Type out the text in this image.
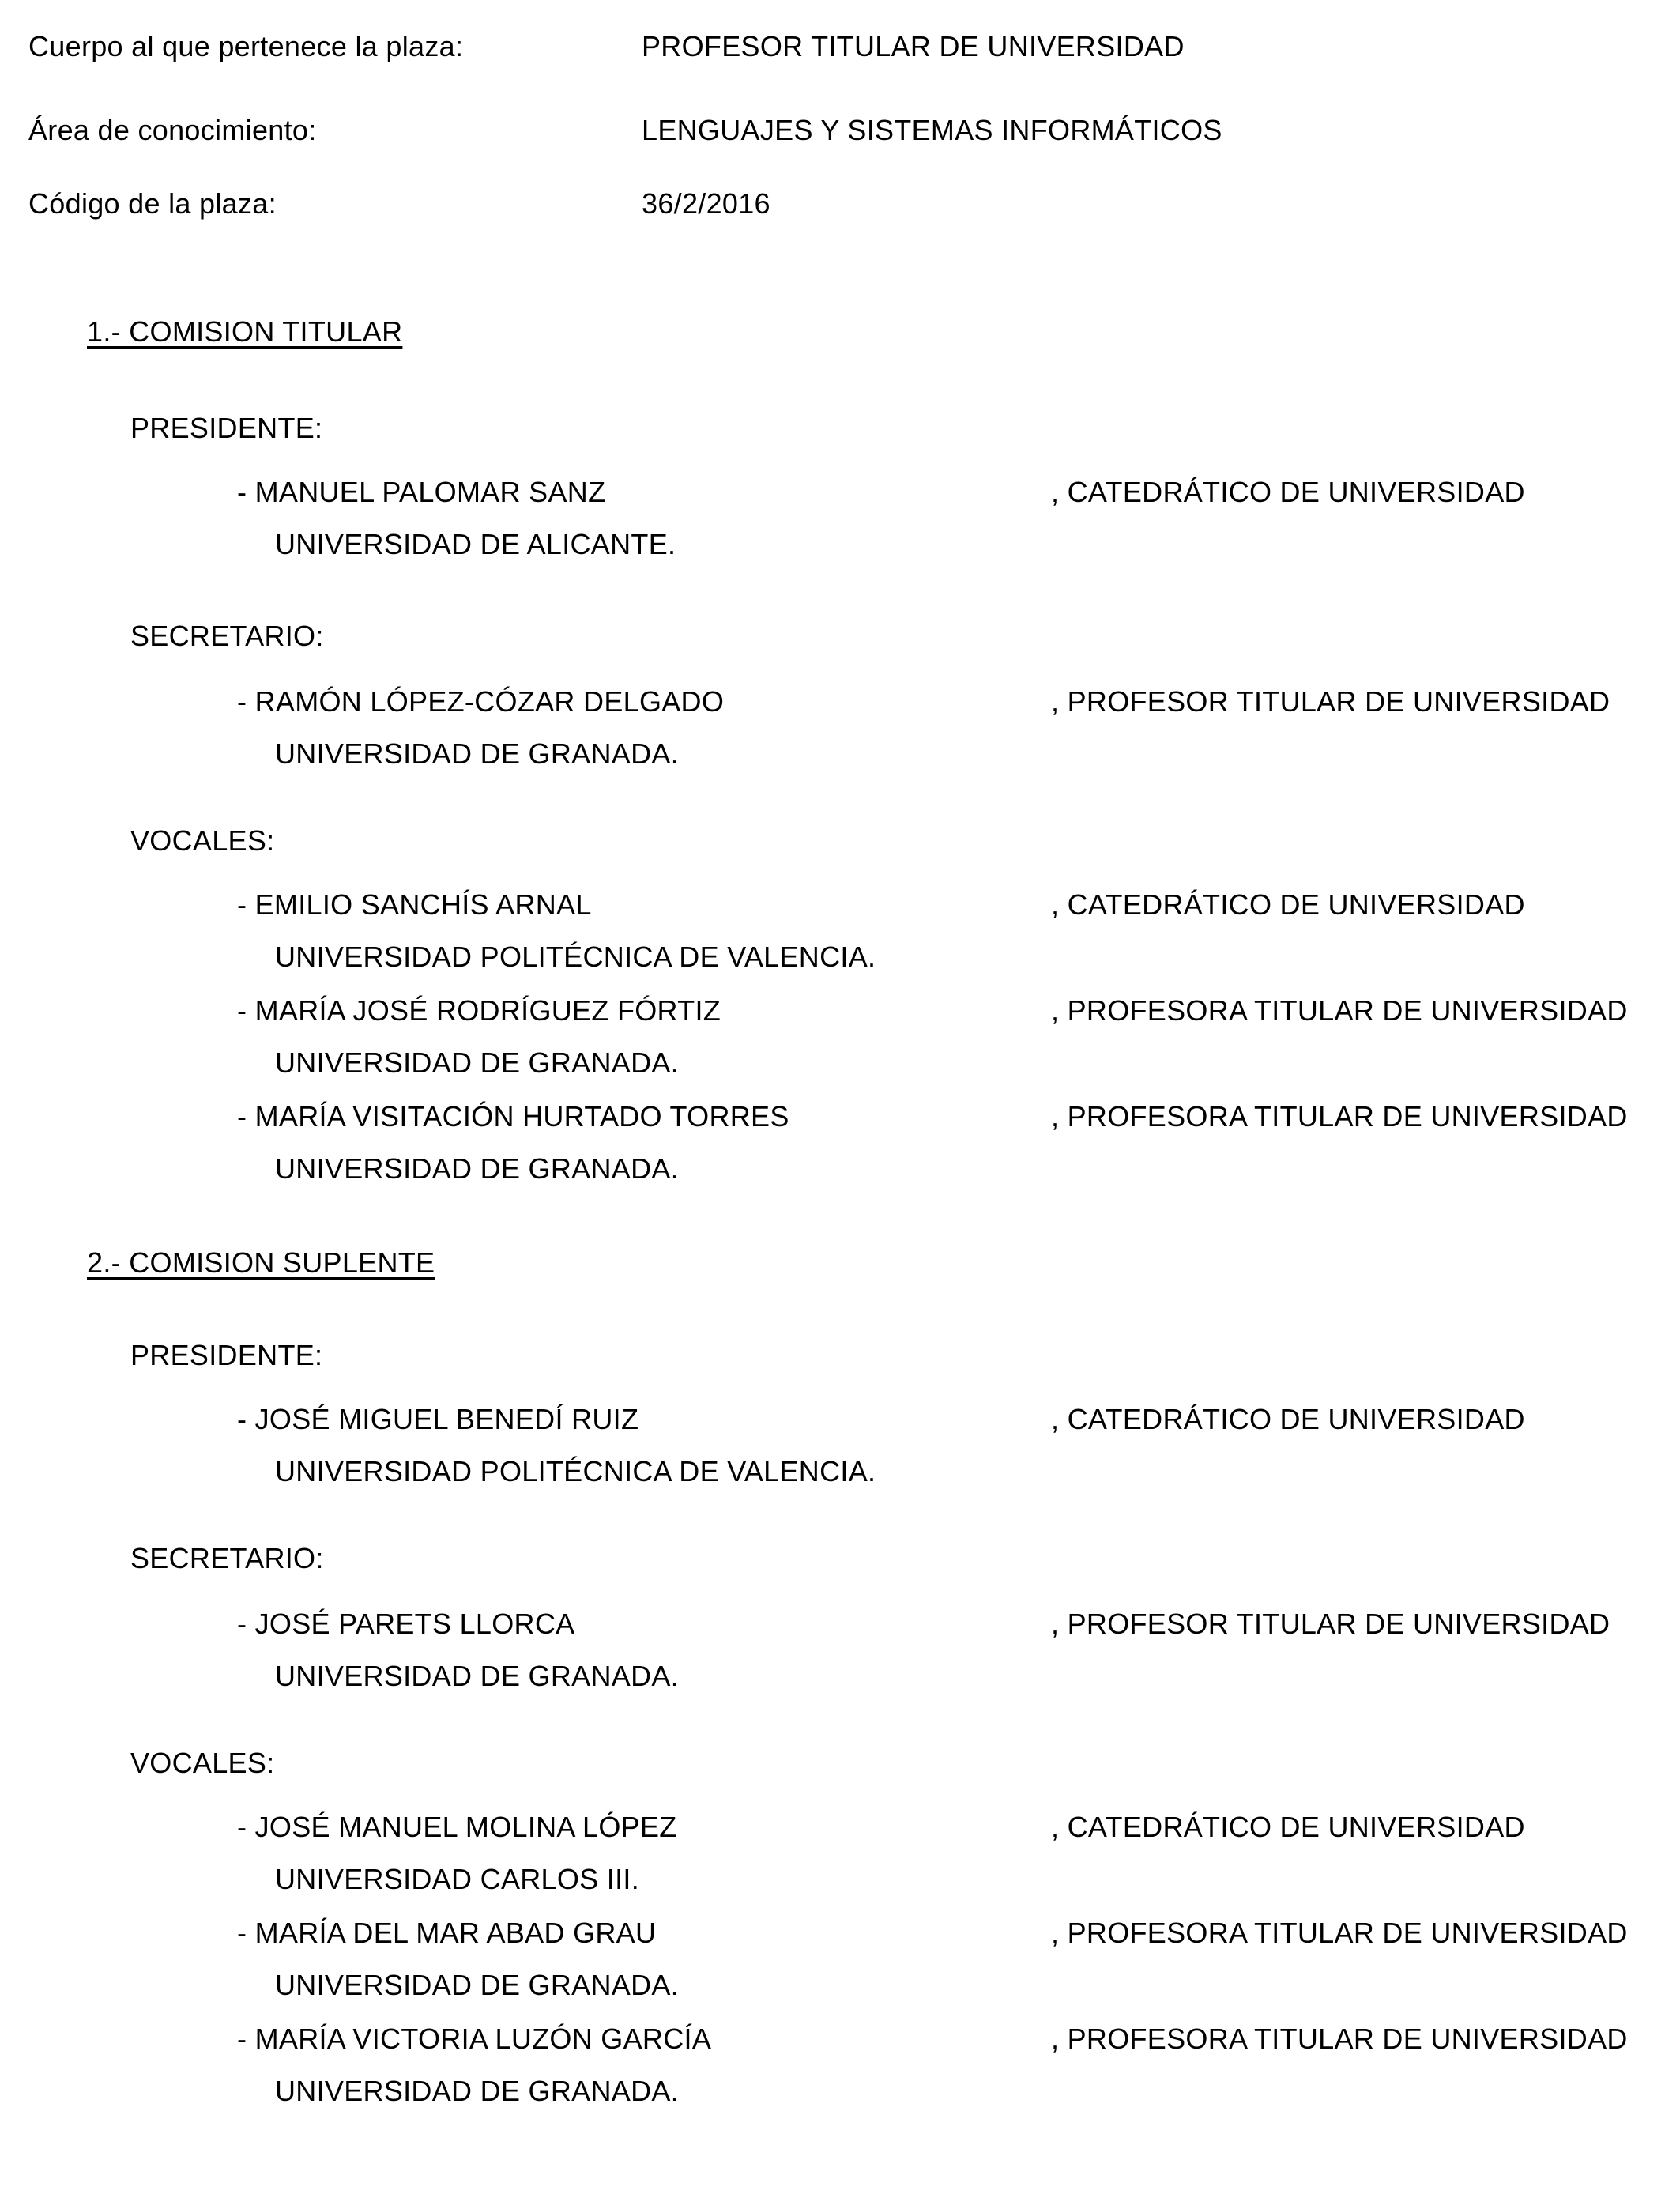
Cuerpo al que pertenece la plaza:	PROFESOR TITULAR DE UNIVERSIDAD
Área de conocimiento:	LENGUAJES Y SISTEMAS INFORMÁTICOS
Código de la plaza:	36/2/2016
1.- COMISION TITULAR
PRESIDENTE:
- MANUEL PALOMAR SANZ	, CATEDRÁTICO DE UNIVERSIDAD
UNIVERSIDAD DE ALICANTE.
SECRETARIO:
- RAMÓN LÓPEZ-CÓZAR DELGADO	, PROFESOR TITULAR DE UNIVERSIDAD
UNIVERSIDAD DE GRANADA.
VOCALES:
- EMILIO SANCHÍS ARNAL	, CATEDRÁTICO DE UNIVERSIDAD
UNIVERSIDAD POLITÉCNICA DE VALENCIA.
- MARÍA JOSÉ RODRÍGUEZ FÓRTIZ	, PROFESORA TITULAR DE UNIVERSIDAD
UNIVERSIDAD DE GRANADA.
- MARÍA VISITACIÓN HURTADO TORRES	, PROFESORA TITULAR DE UNIVERSIDAD
UNIVERSIDAD DE GRANADA.
2.- COMISION SUPLENTE
PRESIDENTE:
- JOSÉ MIGUEL BENEDÍ RUIZ	, CATEDRÁTICO DE UNIVERSIDAD
UNIVERSIDAD POLITÉCNICA DE VALENCIA.
SECRETARIO:
- JOSÉ PARETS LLORCA	, PROFESOR TITULAR DE UNIVERSIDAD
UNIVERSIDAD DE GRANADA.
VOCALES:
- JOSÉ MANUEL MOLINA LÓPEZ	, CATEDRÁTICO DE UNIVERSIDAD
UNIVERSIDAD CARLOS III.
- MARÍA DEL MAR ABAD GRAU	, PROFESORA TITULAR DE UNIVERSIDAD
UNIVERSIDAD DE GRANADA.
- MARÍA VICTORIA LUZÓN GARCÍA	, PROFESORA TITULAR DE UNIVERSIDAD
UNIVERSIDAD DE GRANADA.
